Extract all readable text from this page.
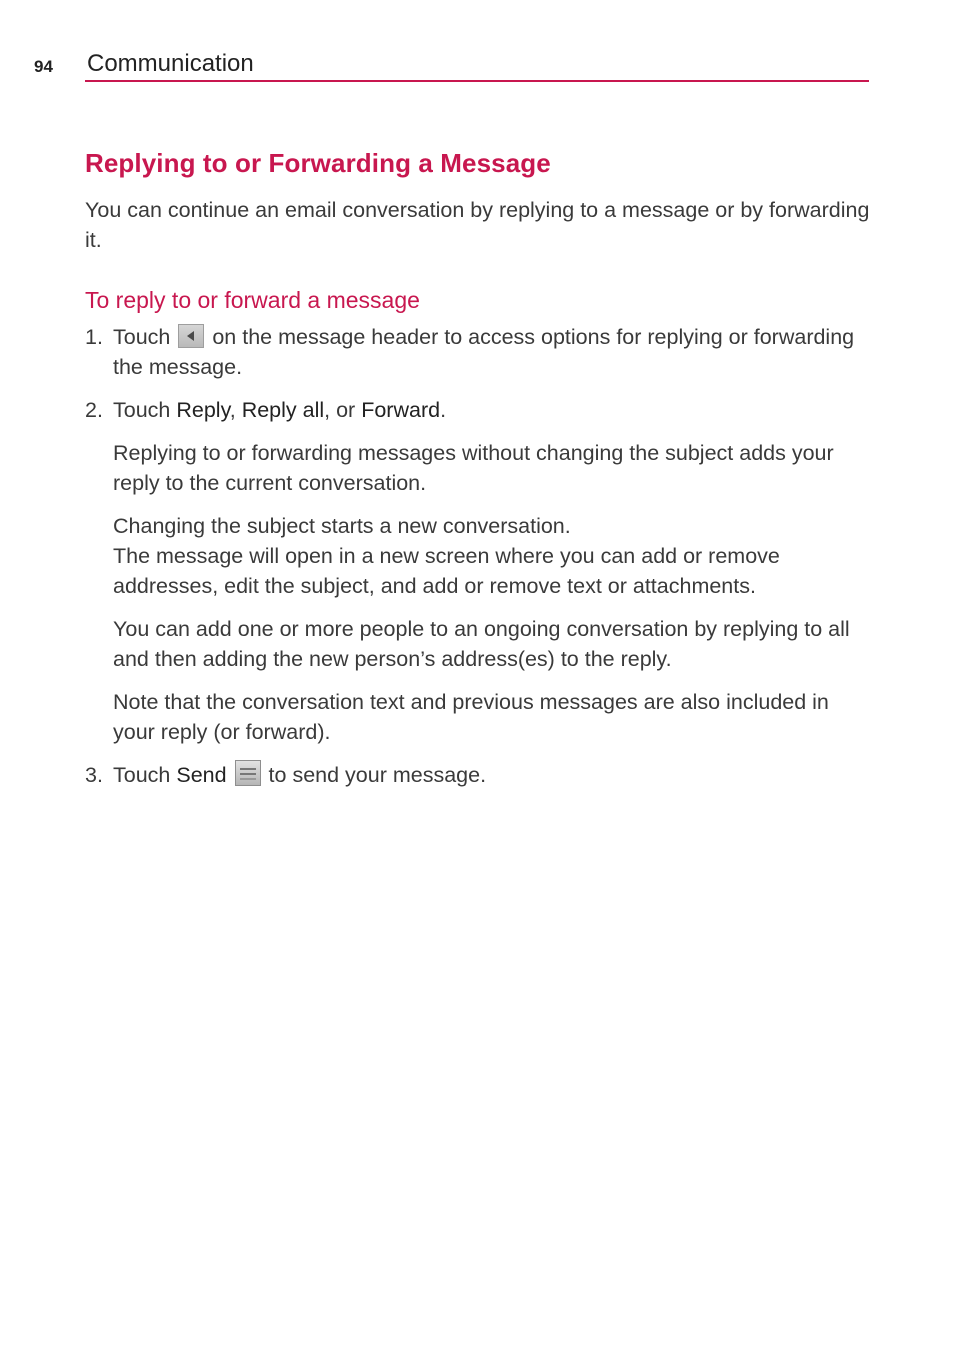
94 Communication
Replying to or Forwarding a Message

You can continue an email conversation by replying to a message or by forwarding it.

To reply to or forward a message
1. Touch on the message header to access options for replying or forwarding the message.
2. Touch Reply, Reply all, or Forward.

Replying to or forwarding messages without changing the subject adds your reply to the current conversation.

Changing the subject starts a new conversation.
The message will open in a new screen where you can add or remove addresses, edit the subject, and add or remove text or attachments.

You can add one or more people to an ongoing conversation by replying to all and then adding the new person’s address(es) to the reply.

Note that the conversation text and previous messages are also included in your reply (or forward).

3. Touch Send to send your message.
